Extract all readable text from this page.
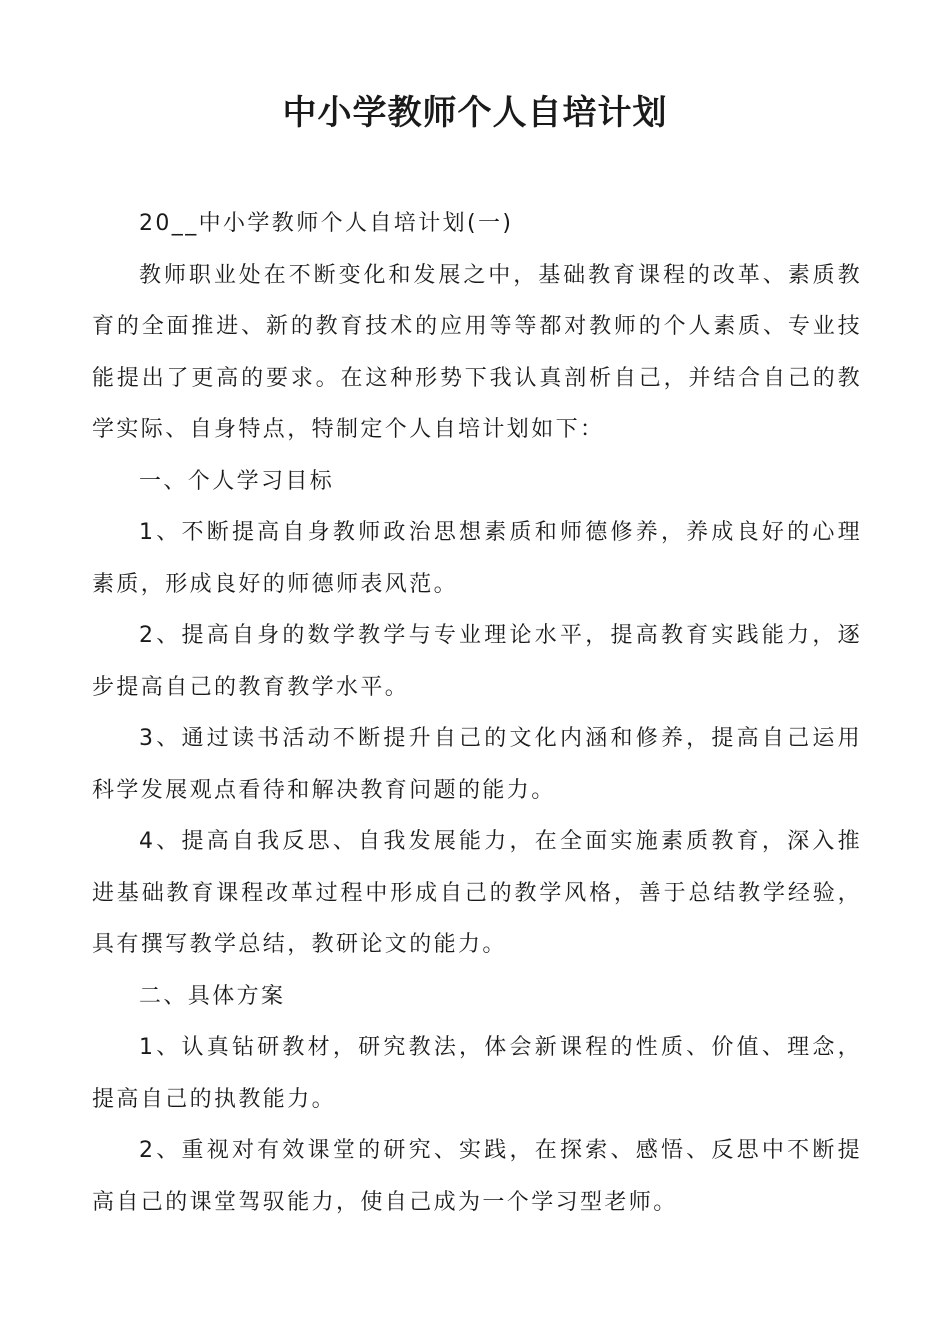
中小学教师个人自培计划

20__中小学教师个人自培计划(一)

教师职业处在不断变化和发展之中，基础教育课程的改革、素质教育的全面推进、新的教育技术的应用等等都对教师的个人素质、专业技能提出了更高的要求。在这种形势下我认真剖析自己，并结合自己的教学实际、自身特点，特制定个人自培计划如下：

一、个人学习目标

1、不断提高自身教师政治思想素质和师德修养，养成良好的心理素质，形成良好的师德师表风范。

2、提高自身的数学教学与专业理论水平，提高教育实践能力，逐步提高自己的教育教学水平。

3、通过读书活动不断提升自己的文化内涵和修养，提高自己运用科学发展观点看待和解决教育问题的能力。

4、提高自我反思、自我发展能力，在全面实施素质教育，深入推进基础教育课程改革过程中形成自己的教学风格，善于总结教学经验，具有撰写教学总结，教研论文的能力。

二、具体方案

1、认真钻研教材，研究教法，体会新课程的性质、价值、理念，提高自己的执教能力。

2、重视对有效课堂的研究、实践，在探索、感悟、反思中不断提高自己的课堂驾驭能力，使自己成为一个学习型老师。
